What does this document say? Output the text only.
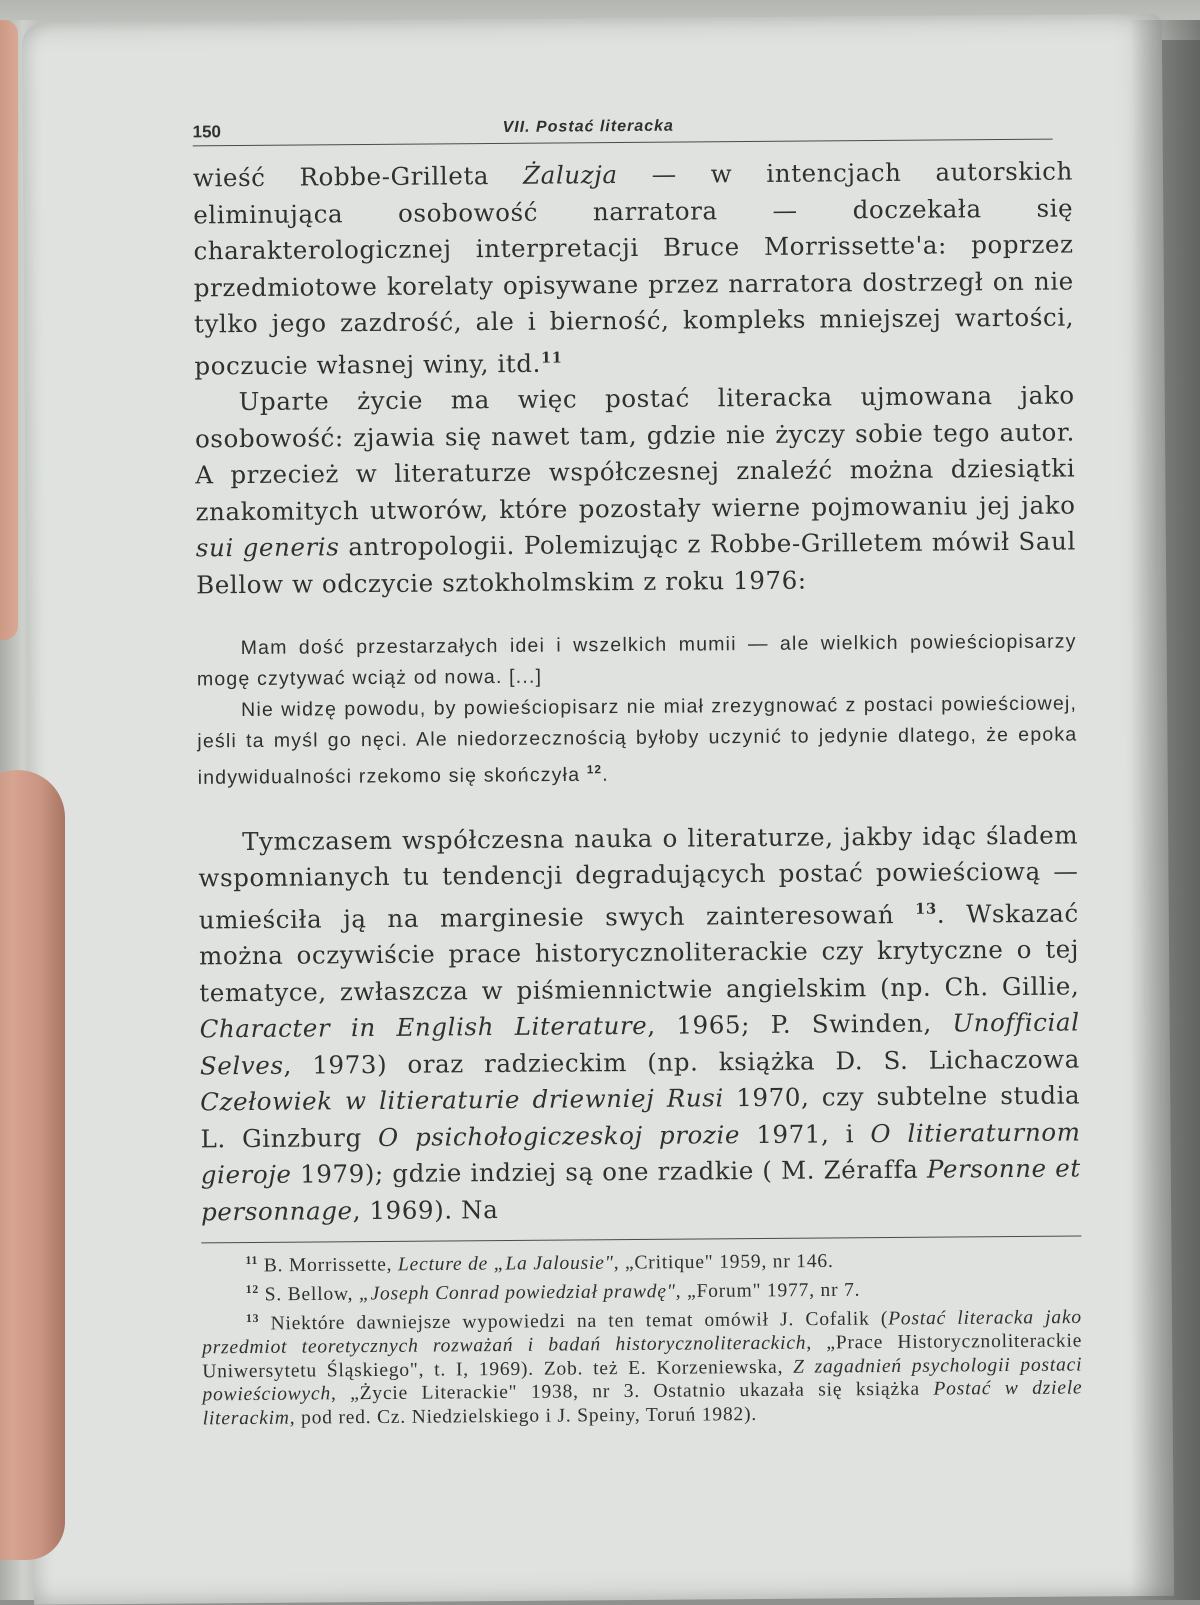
150	VII. Postać literacka

wieść Robbe-Grilleta Żaluzja — w intencjach autorskich eliminująca osobowość narratora — doczekała się charakterologicznej interpretacji Bruce Morrissette'a: poprzez przedmiotowe korelaty opisywane przez narratora dostrzegł on nie tylko jego zazdrość, ale i bierność, kompleks mniejszej wartości, poczucie własnej winy, itd.$^{11}$

Uparte życie ma więc postać literacka ujmowana jako osobowość: zjawia się nawet tam, gdzie nie życzy sobie tego autor. A przecież w literaturze współczesnej znaleźć można dziesiątki znakomitych utworów, które pozostały wierne pojmowaniu jej jako sui generis antropologii. Polemizując z Robbe-Grilletem mówił Saul Bellow w odczycie sztokholmskim z roku 1976:

Mam dość przestarzałych idei i wszelkich mumii — ale wielkich powieściopisarzy mogę czytywać wciąż od nowa. [...]

Nie widzę powodu, by powieściopisarz nie miał zrezygnować z postaci powieściowej, jeśli ta myśl go nęci. Ale niedorzecznością byłoby uczynić to jedynie dlatego, że epoka indywidualności rzekomo się skończyła $^{12}$.

Tymczasem współczesna nauka o literaturze, jakby idąc śladem wspomnianych tu tendencji degradujących postać powieściową — umieściła ją na marginesie swych zainteresowań $^{13}$. Wskazać można oczywiście prace historycznoliterackie czy krytyczne o tej tematyce, zwłaszcza w piśmiennictwie angielskim (np. Ch. Gillie, Character in English Literature, 1965; P. Swinden, Unofficial Selves, 1973) oraz radzieckim (np. książka D. S. Lichaczowa Czełowiek w litieraturie driewniej Rusi 1970, czy subtelne studia L. Ginzburg O psichołogiczeskoj prozie 1971, i O litieraturnom gieroje 1979); gdzie indziej są one rzadkie ( M. Zéraffa Personne et personnage, 1969). Na

$^{11}$ B. Morrissette, Lecture de „La Jalousie", „Critique" 1959, nr 146.

$^{12}$ S. Bellow, „Joseph Conrad powiedział prawdę", „Forum" 1977, nr 7.

$^{13}$ Niektóre dawniejsze wypowiedzi na ten temat omówił J. Cofalik (Postać literacka jako przedmiot teoretycznych rozważań i badań historycznoliterackich, „Prace Historycznoliterackie Uniwersytetu Śląskiego", t. I, 1969). Zob. też E. Korzeniewska, Z zagadnień psychologii postaci powieściowych, „Życie Literackie" 1938, nr 3. Ostatnio ukazała się książka Postać w dziele literackim, pod red. Cz. Niedzielskiego i J. Speiny, Toruń 1982).
